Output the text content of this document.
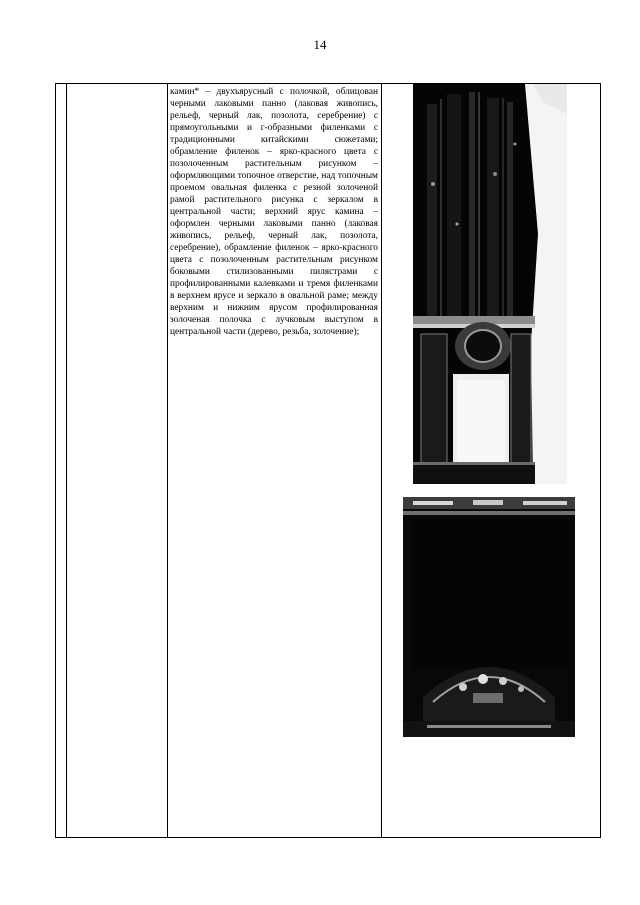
14
камин* – двухъярусный с полочкой, облицован черными лаковыми панно (лаковая живопись, рельеф, черный лак, позолота, серебрение) с прямоугольными и г-образными филенками с традиционными китайскими сюжетами; обрамление филенок – ярко-красного цвета с позолоченным растительным рисунком – оформляющими топочное отверстие, над топочным проемом овальная филенка с резной золоченой рамой растительного рисунка с зеркалом в центральной части; верхний ярус камина – оформлен черными лаковыми панно (лаковая живопись, рельеф, черный лак, позолота, серебрение), обрамление филенок – ярко-красного цвета с позолоченным растительным рисунком боковыми стилизованными пилястрами с профилированными калевками и тремя филенками в верхнем ярусе и зеркало в овальной раме; между верхним и нижним ярусом профилированная золоченая полочка с лучковым выступом в центральной части (дерево, резьба, золочение);
